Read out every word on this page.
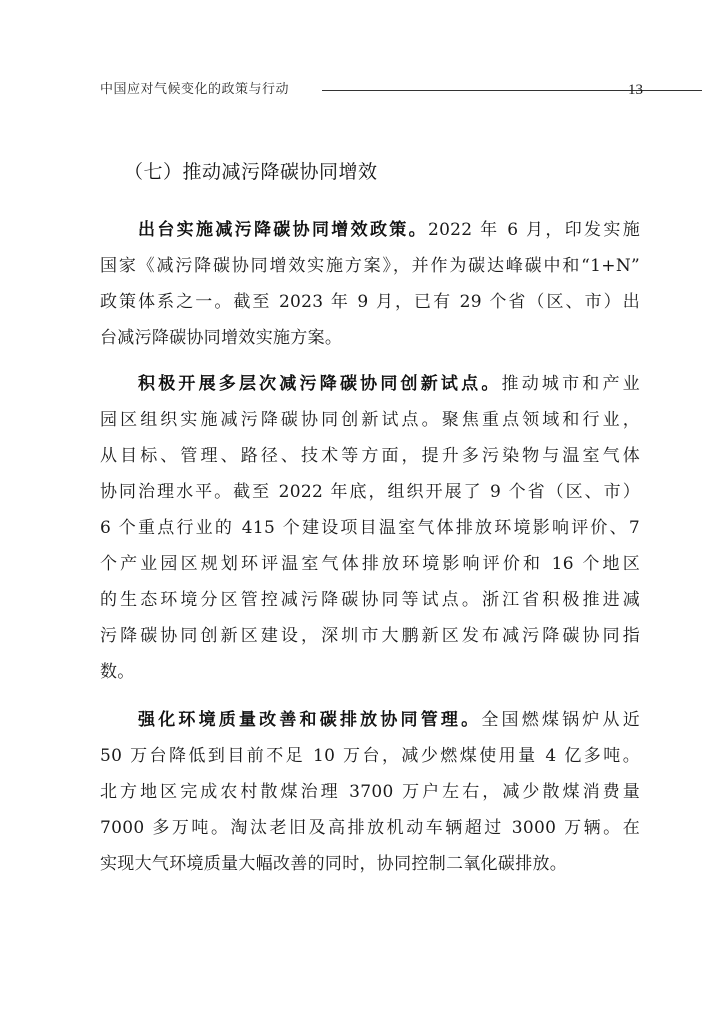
中国应对气候变化的政策与行动	13
（七）推动减污降碳协同增效
出台实施减污降碳协同增效政策。2022 年 6 月，印发实施
国家《减污降碳协同增效实施方案》，并作为碳达峰碳中和“1+N”
政策体系之一。截至 2023 年 9 月，已有 29 个省（区、市）出
台减污降碳协同增效实施方案。
积极开展多层次减污降碳协同创新试点。推动城市和产业
园区组织实施减污降碳协同创新试点。聚焦重点领域和行业，
从目标、管理、路径、技术等方面，提升多污染物与温室气体
协同治理水平。截至 2022 年底，组织开展了 9 个省（区、市）
6 个重点行业的 415 个建设项目温室气体排放环境影响评价、7
个产业园区规划环评温室气体排放环境影响评价和 16 个地区
的生态环境分区管控减污降碳协同等试点。浙江省积极推进减
污降碳协同创新区建设，深圳市大鹏新区发布减污降碳协同指
数。
强化环境质量改善和碳排放协同管理。全国燃煤锅炉从近
50 万台降低到目前不足 10 万台，减少燃煤使用量 4 亿多吨。
北方地区完成农村散煤治理 3700 万户左右，减少散煤消费量
7000 多万吨。淘汰老旧及高排放机动车辆超过 3000 万辆。在
实现大气环境质量大幅改善的同时，协同控制二氧化碳排放。
